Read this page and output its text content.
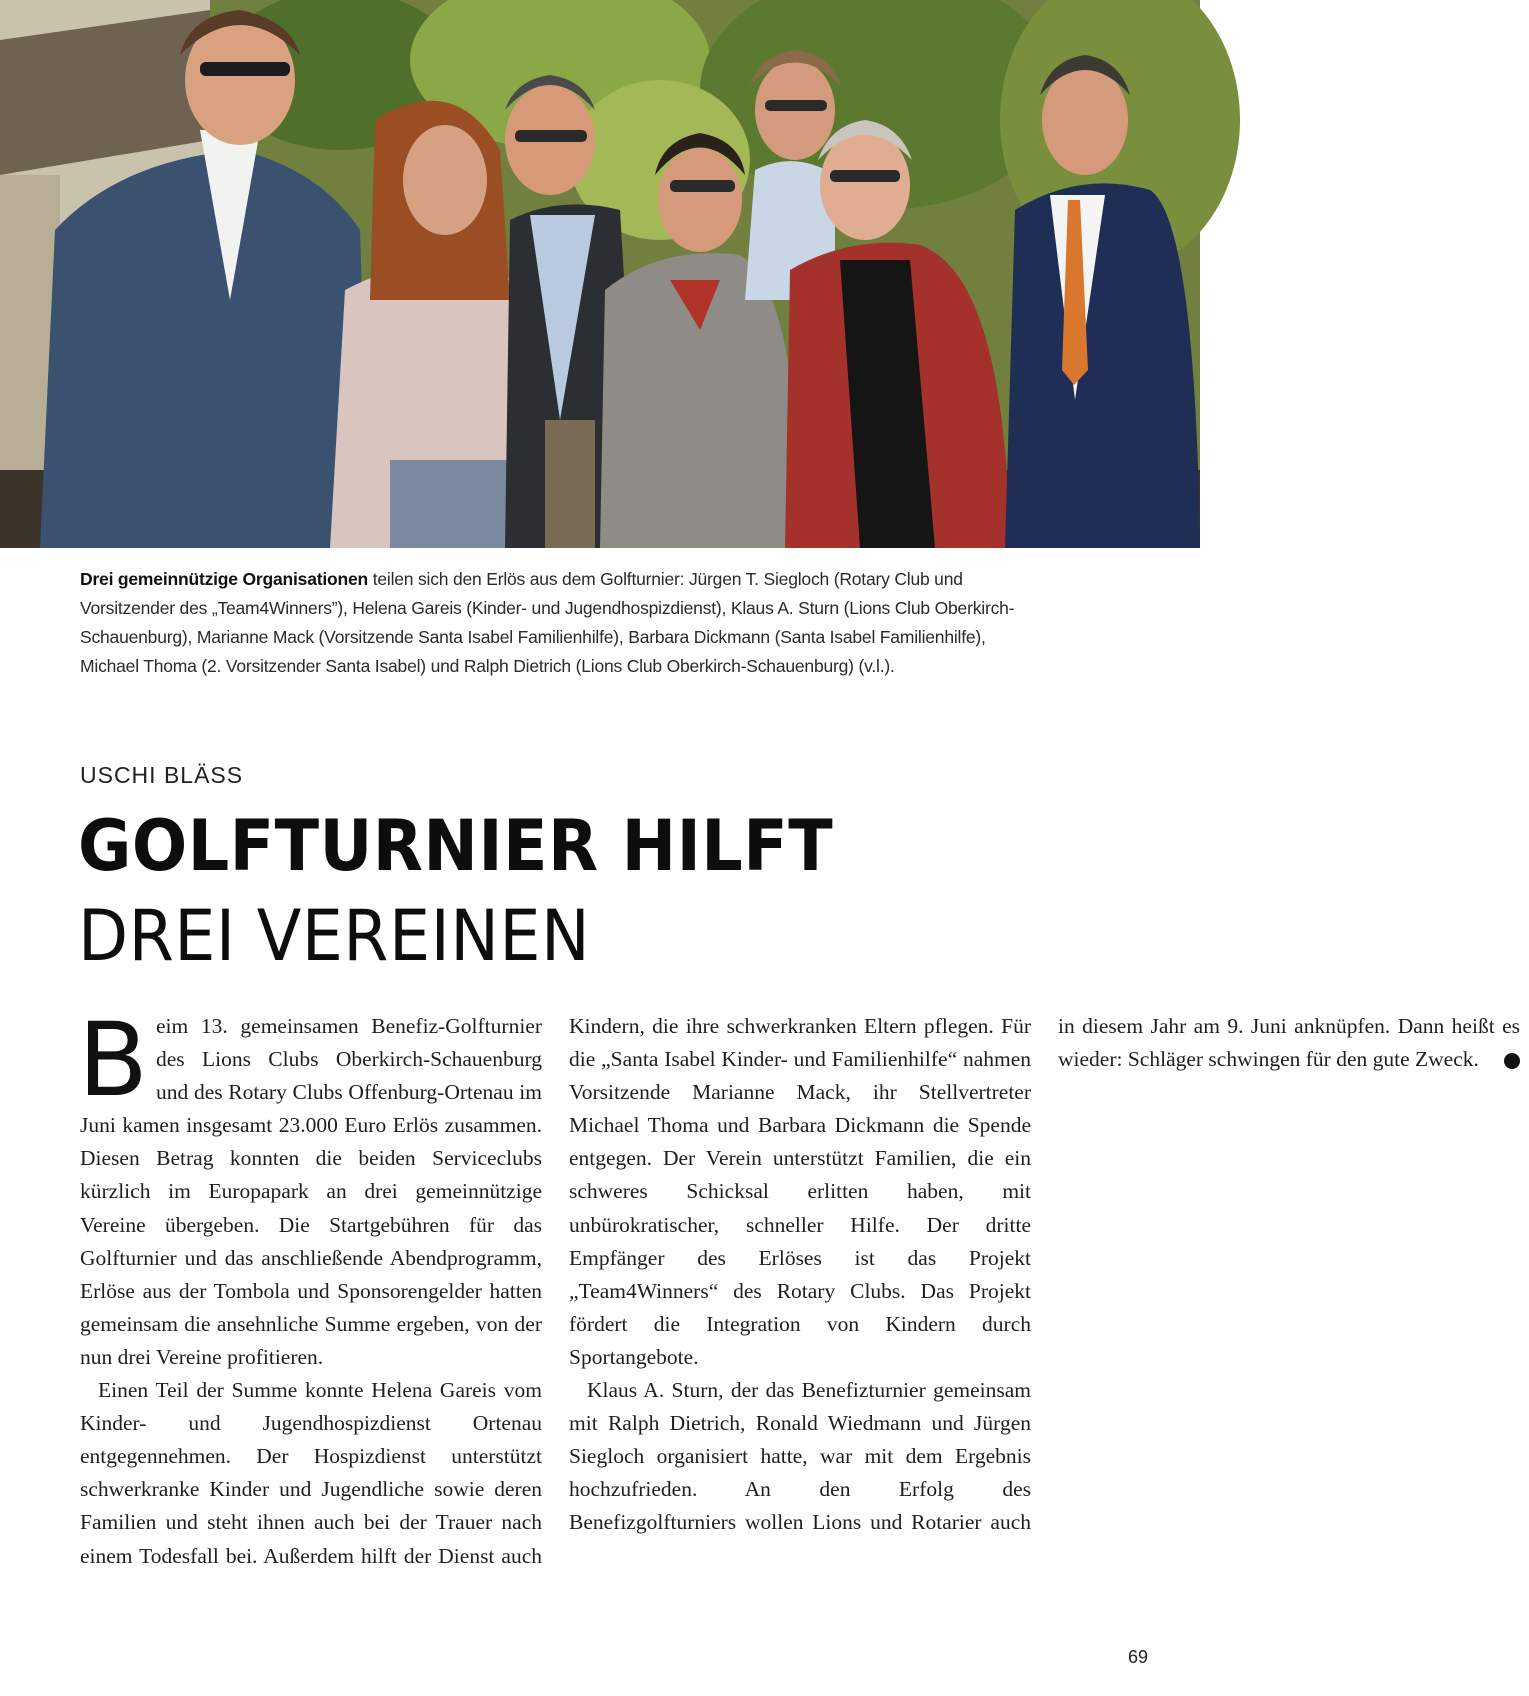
Drei gemeinnützige Organisationen teilen sich den Erlös aus dem Golfturnier: Jürgen T. Siegloch (Rotary Club und Vorsitzender des „Team4Winners”), Helena Gareis (Kinder- und Jugendhospizdienst), Klaus A. Sturn (Lions Club Oberkirch-Schauenburg), Marianne Mack (Vorsitzende Santa Isabel Familienhilfe), Barbara Dickmann (Santa Isabel Familienhilfe), Michael Thoma (2. Vorsitzender Santa Isabel) und Ralph Dietrich (Lions Club Oberkirch-Schauenburg) (v.l.).
USCHI BLÄSS
GOLFTURNIER HILFT
DREI VEREINEN

Beim 13. gemeinsamen Benefiz-Golfturnier des Lions Clubs Oberkirch-Schauenburg und des Rotary Clubs Offenburg-Ortenau im Juni kamen insgesamt 23.000 Euro Erlös zusammen. Diesen Betrag konnten die beiden Serviceclubs kürzlich im Europapark an drei gemeinnützige Vereine übergeben. Die Startgebühren für das Golfturnier und das anschließende Abendprogramm, Erlöse aus der Tombola und Sponsorengelder hatten gemeinsam die ansehnliche Summe ergeben, von der nun drei Vereine profitieren.

Einen Teil der Summe konnte Helena Gareis vom Kinder- und Jugendhospizdienst Ortenau entgegennehmen. Der Hospizdienst unterstützt schwerkranke Kinder und Jugendliche sowie deren Familien und steht ihnen auch bei der Trauer nach einem Todesfall bei. Außerdem hilft der Dienst auch Kindern, die ihre schwerkranken Eltern pflegen. Für die „Santa Isabel Kinder- und Familienhilfe“ nahmen Vorsitzende Marianne Mack, ihr Stellvertreter Michael Thoma und Barbara Dickmann die Spende entgegen. Der Verein unterstützt Familien, die ein schweres Schicksal erlitten haben, mit unbürokratischer, schneller Hilfe. Der dritte Empfänger des Erlöses ist das Projekt „Team4Winners“ des Rotary Clubs. Das Projekt fördert die Integration von Kindern durch Sportangebote.

Klaus A. Sturn, der das Benefizturnier gemeinsam mit Ralph Dietrich, Ronald Wiedmann und Jürgen Siegloch organisiert hatte, war mit dem Ergebnis hochzufrieden. An den Erfolg des Benefizgolfturniers wollen Lions und Rotarier auch in diesem Jahr am 9. Juni anknüpfen. Dann heißt es wieder: Schläger schwingen für den gute Zweck.	L

69
